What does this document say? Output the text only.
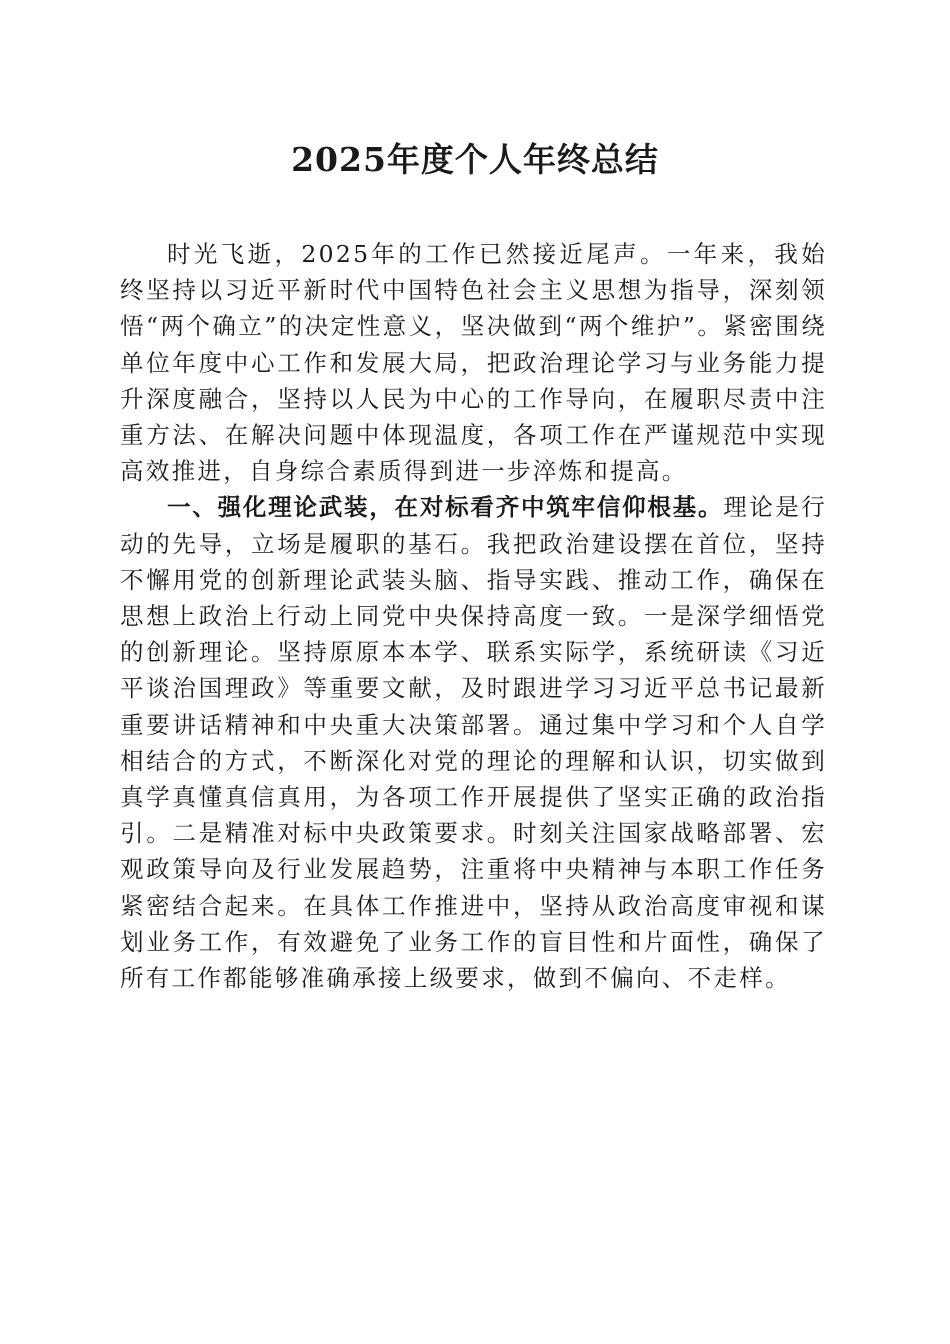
2025年度个人年终总结

时光飞逝，2025年的工作已然接近尾声。一年来，我始终坚持以习近平新时代中国特色社会主义思想为指导，深刻领悟“两个确立”的决定性意义，坚决做到“两个维护”。紧密围绕单位年度中心工作和发展大局，把政治理论学习与业务能力提升深度融合，坚持以人民为中心的工作导向，在履职尽责中注重方法、在解决问题中体现温度，各项工作在严谨规范中实现高效推进，自身综合素质得到进一步淬炼和提高。

一、强化理论武装，在对标看齐中筑牢信仰根基。理论是行动的先导，立场是履职的基石。我把政治建设摆在首位，坚持不懈用党的创新理论武装头脑、指导实践、推动工作，确保在思想上政治上行动上同党中央保持高度一致。一是深学细悟党的创新理论。坚持原原本本学、联系实际学，系统研读《习近平谈治国理政》等重要文献，及时跟进学习习近平总书记最新重要讲话精神和中央重大决策部署。通过集中学习和个人自学相结合的方式，不断深化对党的理论的理解和认识，切实做到真学真懂真信真用，为各项工作开展提供了坚实正确的政治指引。二是精准对标中央政策要求。时刻关注国家战略部署、宏观政策导向及行业发展趋势，注重将中央精神与本职工作任务紧密结合起来。在具体工作推进中，坚持从政治高度审视和谋划业务工作，有效避免了业务工作的盲目性和片面性，确保了所有工作都能够准确承接上级要求，做到不偏向、不走样。
